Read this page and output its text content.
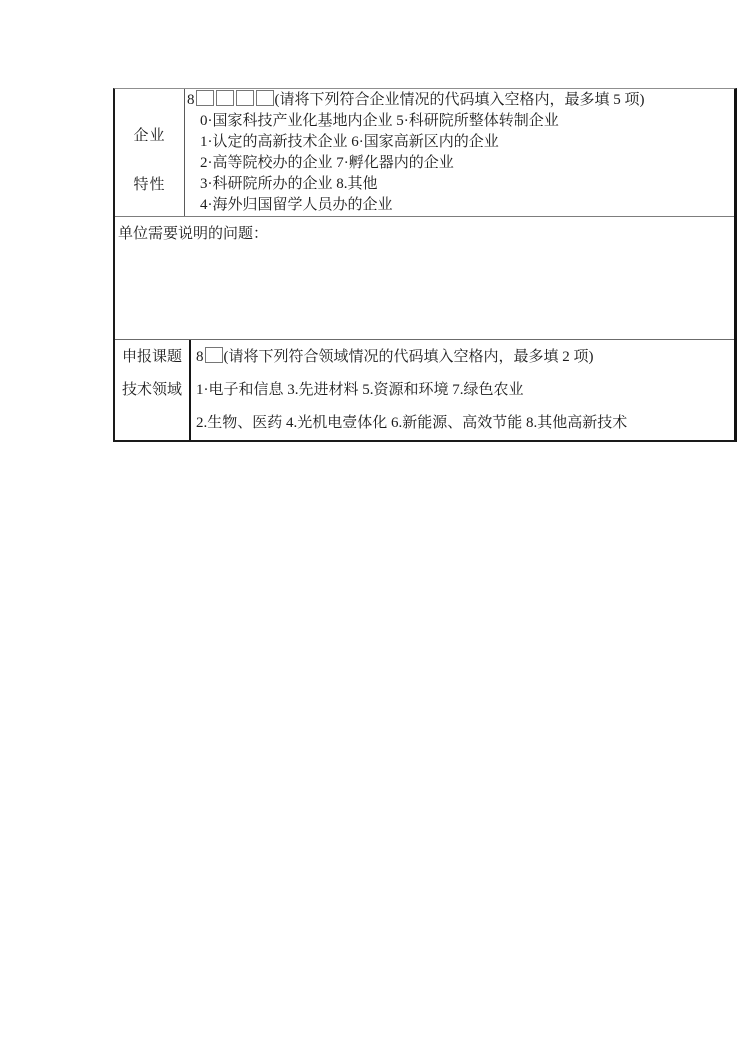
企业
特性
8	(请将下列符合企业情况的代码填入空格内，最多填 5 项)
0·国家科技产业化基地内企业 5·科研院所整体转制企业
1·认定的高新技术企业 6·国家高新区内的企业
2·高等院校办的企业 7·孵化器内的企业
3·科研院所办的企业 8.其他
4·海外归国留学人员办的企业
单位需要说明的问题：
申报课题
技术领域
8 (请将下列符合领域情况的代码填入空格内，最多填 2 项)
1·电子和信息 3.先进材料 5.资源和环境 7.绿色农业
2.生物、医药 4.光机电壹体化 6.新能源、高效节能 8.其他高新技术
